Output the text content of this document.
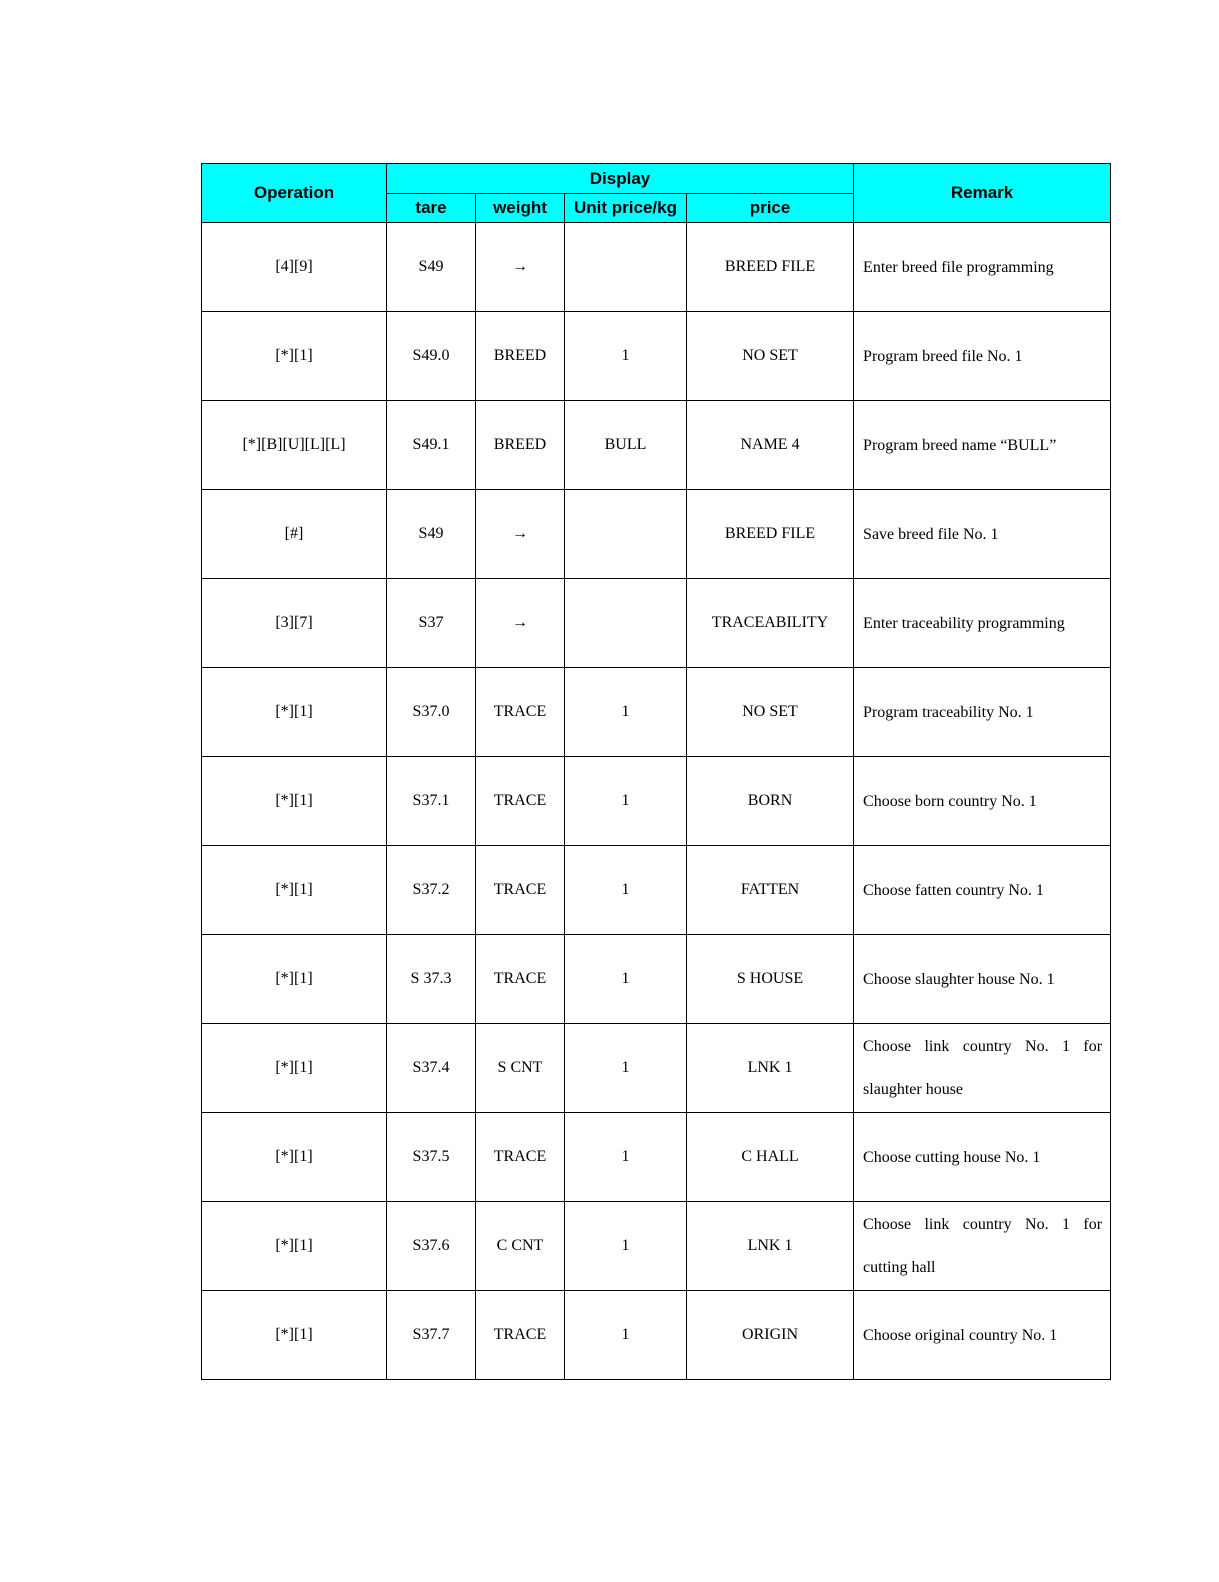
Operation	Display				Remark
	tare	weight	Unit price/kg	price	
[4][9]	S49	→		BREED FILE	Enter breed file programming
[*][1]	S49.0	BREED	1	NO SET	Program breed file No. 1
[*][B][U][L][L]	S49.1	BREED	BULL	NAME 4	Program breed name “BULL”
[#]	S49	→		BREED FILE	Save breed file No. 1
[3][7]	S37	→		TRACEABILITY	Enter traceability programming
[*][1]	S37.0	TRACE	1	NO SET	Program traceability No. 1
[*][1]	S37.1	TRACE	1	BORN	Choose born country No. 1
[*][1]	S37.2	TRACE	1	FATTEN	Choose fatten country No. 1
[*][1]	S 37.3	TRACE	1	S HOUSE	Choose slaughter house No. 1
[*][1]	S37.4	S CNT	1	LNK 1	Choose link country No. 1 for slaughter house
[*][1]	S37.5	TRACE	1	C HALL	Choose cutting house No. 1
[*][1]	S37.6	C CNT	1	LNK 1	Choose link country No. 1 for cutting hall
[*][1]	S37.7	TRACE	1	ORIGIN	Choose original country No. 1
